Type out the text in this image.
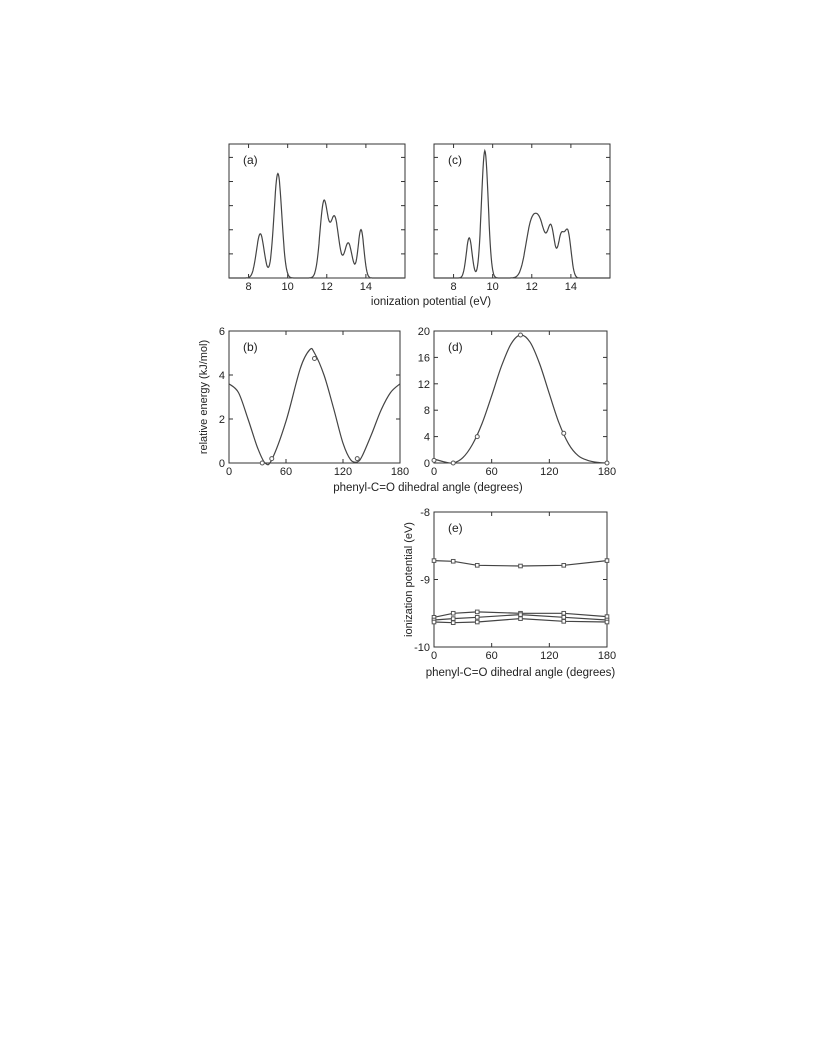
8	10 12 14
(a)
8	10 12 14
(c)
0	60	120	180
0
2
4
6
(b)
relative energy (kJ/mol)
0	60	120	180
0
4
8
12
16
20
(d)
0	60	120	180
-10
-9
-8
(e)
ionization potential (eV)
phenyl-C=O dihedral angle (degrees)
ionization potential (eV)
phenyl-C=O dihedral angle (degrees)
